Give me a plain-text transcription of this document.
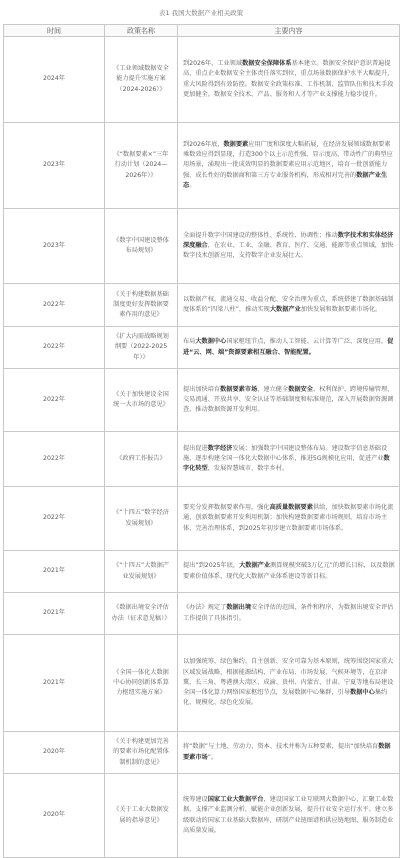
表1 我国大数据产业相关政策
时间	政策名称	主要内容
2024年	《工业领域数据安全能力提升实施方案（2024-2026）》	到2026年，工业领域数据安全保障体系基本建立。数据安全保护意识普遍提高，重点企业数据安全主体责任落实到位，重点场景数据保护水平大幅提升，重大风险得到有效防控。数据安全政策标准、工作机制、监管队伍和技术手段更加健全。数据安全技术、产品、服务和人才等产业支撑能力稳步提升。
2023年	《“数据要素×”三年行动计划（2024—2026年）》	到2026年底，数据要素应用广度和深度大幅拓展，在经济发展领域数据要素乘数效应得到显现，打造300个以上示范性强、显示度高、带动性广的典型应用场景，涌现出一批成效明显的数据要素应用示范地区，培育一批创新能力强、成长性好的数据商和第三方专业服务机构，形成相对完善的数据产业生态。
2023年	《数字中国建设整体布局规划》	全面提升数字中国建设的整体性、系统性、协调性；推动数字技术和实体经济深度融合，在农业、工业、金融、教育、医疗、交通、能源等重点领域，加快数字技术创新应用，支持数字企业发展壮大。
2022年	《关于构建数据基础制度更好发挥数据要素作用的意见》	以数据产权、流通交易、收益分配、安全治理为重点，系统搭建了数据基础制度体系的“四梁八柱”，推动实现大数据产业加快发展和数据要素市场化。
2022年	《扩大内需战略规划纲要（2022-2025年）》	布局大数据中心国家枢纽节点，推动人工智能、云计算等广泛、深度应用，促进“云、网、端”资源要素相互融合、智能配置。
2022年	《关于加快建设全国统一大市场的意见》	提出加快培育数据要素市场，建立健全数据安全、权利保护、跨境传输管理、交易流通、开放共享、安全认证等基础制度和标准规范，深入开展数据资源调查，推动数据资源开发利用。
2022年	《政府工作报告》	提出促进数字经济发展；加强数字中国建设整体布局。建设数字信息基础设施，逐步构建全国一体化大数据中心体系，推进5G规模化应用，促进产业数字化转型，发展智慧城市、数字乡村。
2022年	《“十四五”数字经济发展规划》	要充分发挥数据要素作用，强化高质量数据要素供给，加快数据要素市场化流通，创新数据要素开发利用机制；加快构建数据要素市场规则，培育市场主体、完善治理体系，到2025年初步建立数据要素市场体系。
2021年	《“十四五”大数据产业发展规划》	提出“到2025年底，大数据产业测算规模突破3万亿元”的增长目标，以及数据要素价值体系、现代化大数据产业体系建设等新目标。
2021年	《数据出境安全评估办法（征求意见稿）》	《办法》规定了数据出境安全评估的范围、条件和程序，为数据出境安全评估工作提供了具体指引。
2021年	《全国一体化大数据中心协同创新体系算力枢纽实施方案》	以加强统筹、绿色集约、自主创新、安全可靠为基本原则，统筹围绕国家重大区域发展战略，根据能源结构、产业布局、市场发展、气候环境等，在京津冀、长三角、粤港澳大湾区、成渝、贵州、内蒙古、甘肃、宁夏等地布局建设全国一体化算力网络国家枢纽节点，发展数据中心集群，引导数据中心集约化、规模化、绿色化发展。
2020年	《关于构建更加完善的要素市场化配置体制机制的意见》	将“数据”与土地、劳动力、资本、技术并称为五种要素，提出“加快培育数据要素市场”。
2020年	《关于工业大数据发展的指导意见》	统筹建设国家工业大数据平台，建设国家工业互联网大数据中心，汇聚工业数据，支撑产业监测分析，赋能企业创新发展，提升行业安全运行水平。建立多级联动的国家工业基础大数据库，研制产业链图谱和供应链地图，服务制造业高质量发展。
